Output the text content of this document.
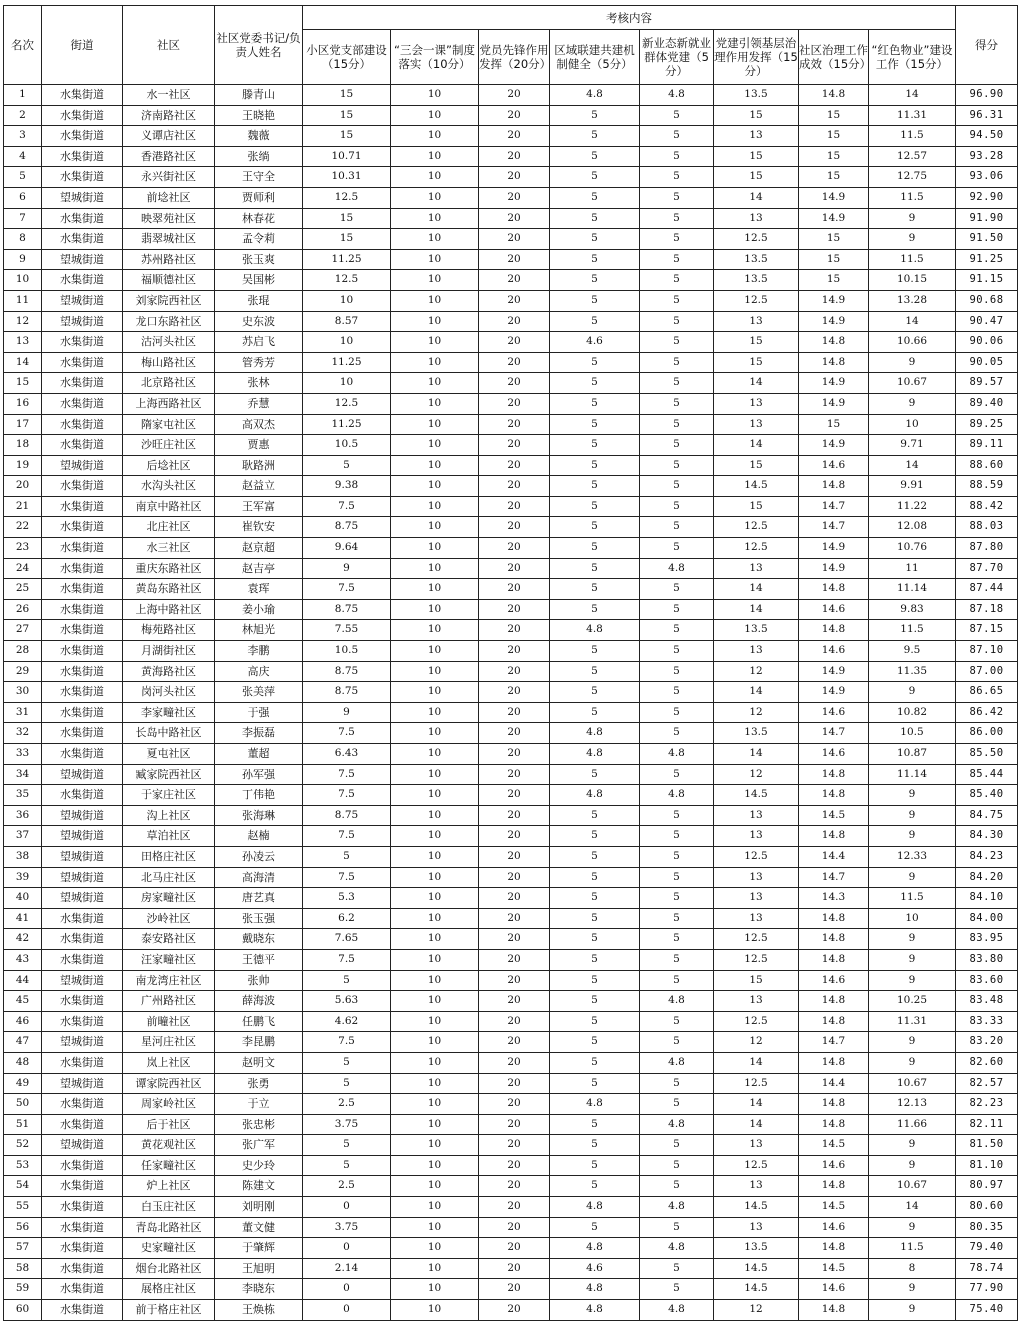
名次	街道	社区	社区党委书记/负责人姓名	考核内容								得分
				小区党支部建设（15分）	“三会一课”制度落实（10分）	党员先锋作用发挥（20分）	区域联建共建机制健全（5分）	新业态新就业群体党建（5分）	党建引领基层治理作用发挥（15分）	社区治理工作成效（15分）	“红色物业”建设工作（15分）	
1	水集街道	水一社区	滕青山	15	10	20	4.8	4.8	13.5	14.8	14	96.90
2	水集街道	济南路社区	王晓艳	15	10	20	5	5	15	15	11.31	96.31
3	水集街道	义谭店社区	魏薇	15	10	20	5	5	13	15	11.5	94.50
4	水集街道	香港路社区	张绱	10.71	10	20	5	5	15	15	12.57	93.28
5	水集街道	永兴街社区	王守全	10.31	10	20	5	5	15	15	12.75	93.06
6	望城街道	前埝社区	贾师利	12.5	10	20	5	5	14	14.9	11.5	92.90
7	水集街道	映翠苑社区	林春花	15	10	20	5	5	13	14.9	9	91.90
8	水集街道	翡翠城社区	孟令莉	15	10	20	5	5	12.5	15	9	91.50
9	望城街道	苏州路社区	张玉爽	11.25	10	20	5	5	13.5	15	11.5	91.25
10	水集街道	福顺德社区	吴国彬	12.5	10	20	5	5	13.5	15	10.15	91.15
11	望城街道	刘家院西社区	张琨	10	10	20	5	5	12.5	14.9	13.28	90.68
12	望城街道	龙口东路社区	史东波	8.57	10	20	5	5	13	14.9	14	90.47
13	水集街道	沽河头社区	苏启飞	10	10	20	4.6	5	15	14.8	10.66	90.06
14	水集街道	梅山路社区	管秀芳	11.25	10	20	5	5	15	14.8	9	90.05
15	水集街道	北京路社区	张林	10	10	20	5	5	14	14.9	10.67	89.57
16	水集街道	上海西路社区	乔慧	12.5	10	20	5	5	13	14.9	9	89.40
17	水集街道	隋家屯社区	高双杰	11.25	10	20	5	5	13	15	10	89.25
18	水集街道	沙旺庄社区	贾惠	10.5	10	20	5	5	14	14.9	9.71	89.11
19	望城街道	后埝社区	耿路洲	5	10	20	5	5	15	14.6	14	88.60
20	水集街道	水沟头社区	赵益立	9.38	10	20	5	5	14.5	14.8	9.91	88.59
21	水集街道	南京中路社区	王军富	7.5	10	20	5	5	15	14.7	11.22	88.42
22	水集街道	北庄社区	崔钦安	8.75	10	20	5	5	12.5	14.7	12.08	88.03
23	水集街道	水三社区	赵京超	9.64	10	20	5	5	12.5	14.9	10.76	87.80
24	水集街道	重庆东路社区	赵吉亭	9	10	20	5	4.8	13	14.9	11	87.70
25	水集街道	黄岛东路社区	袁珲	7.5	10	20	5	5	14	14.8	11.14	87.44
26	水集街道	上海中路社区	姜小瑜	8.75	10	20	5	5	14	14.6	9.83	87.18
27	水集街道	梅苑路社区	林旭光	7.55	10	20	4.8	5	13.5	14.8	11.5	87.15
28	水集街道	月湖街社区	李鹏	10.5	10	20	5	5	13	14.6	9.5	87.10
29	水集街道	黄海路社区	高庆	8.75	10	20	5	5	12	14.9	11.35	87.00
30	水集街道	岗河头社区	张美萍	8.75	10	20	5	5	14	14.9	9	86.65
31	水集街道	李家疃社区	于强	9	10	20	5	5	12	14.6	10.82	86.42
32	水集街道	长岛中路社区	李振磊	7.5	10	20	4.8	5	13.5	14.7	10.5	86.00
33	水集街道	夏屯社区	董超	6.43	10	20	4.8	4.8	14	14.6	10.87	85.50
34	望城街道	臧家院西社区	孙军强	7.5	10	20	5	5	12	14.8	11.14	85.44
35	水集街道	于家庄社区	丁伟艳	7.5	10	20	4.8	4.8	14.5	14.8	9	85.40
36	望城街道	沟上社区	张海琳	8.75	10	20	5	5	13	14.5	9	84.75
37	望城街道	草泊社区	赵楠	7.5	10	20	5	5	13	14.8	9	84.30
38	望城街道	田格庄社区	孙凌云	5	10	20	5	5	12.5	14.4	12.33	84.23
39	望城街道	北马庄社区	高海清	7.5	10	20	5	5	13	14.7	9	84.20
40	望城街道	房家疃社区	唐艺真	5.3	10	20	5	5	13	14.3	11.5	84.10
41	水集街道	沙岭社区	张玉强	6.2	10	20	5	5	13	14.8	10	84.00
42	水集街道	泰安路社区	戴晓东	7.65	10	20	5	5	12.5	14.8	9	83.95
43	水集街道	汪家疃社区	王德平	7.5	10	20	5	5	12.5	14.8	9	83.80
44	望城街道	南龙湾庄社区	张帅	5	10	20	5	5	15	14.6	9	83.60
45	水集街道	广州路社区	薛海波	5.63	10	20	5	4.8	13	14.8	10.25	83.48
46	水集街道	前疃社区	任鹏飞	4.62	10	20	5	5	12.5	14.8	11.31	83.33
47	望城街道	星河庄社区	李昆鹏	7.5	10	20	5	5	12	14.7	9	83.20
48	水集街道	岚上社区	赵明文	5	10	20	5	4.8	14	14.8	9	82.60
49	望城街道	谭家院西社区	张勇	5	10	20	5	5	12.5	14.4	10.67	82.57
50	水集街道	周家岭社区	于立	2.5	10	20	4.8	5	14	14.8	12.13	82.23
51	水集街道	后于社区	张忠彬	3.75	10	20	5	4.8	14	14.8	11.66	82.11
52	望城街道	黄花观社区	张广军	5	10	20	5	5	13	14.5	9	81.50
53	水集街道	任家疃社区	史少玲	5	10	20	5	5	12.5	14.6	9	81.10
54	水集街道	炉上社区	陈建文	2.5	10	20	5	5	13	14.8	10.67	80.97
55	水集街道	白玉庄社区	刘明刚	0	10	20	4.8	4.8	14.5	14.5	14	80.60
56	水集街道	青岛北路社区	董文健	3.75	10	20	5	5	13	14.6	9	80.35
57	水集街道	史家疃社区	于肇辉	0	10	20	4.8	4.8	13.5	14.8	11.5	79.40
58	水集街道	烟台北路社区	王旭明	2.14	10	20	4.6	5	14.5	14.5	8	78.74
59	水集街道	展格庄社区	李晓东	0	10	20	4.8	5	14.5	14.6	9	77.90
60	水集街道	前于格庄社区	王焕栋	0	10	20	4.8	4.8	12	14.8	9	75.40
